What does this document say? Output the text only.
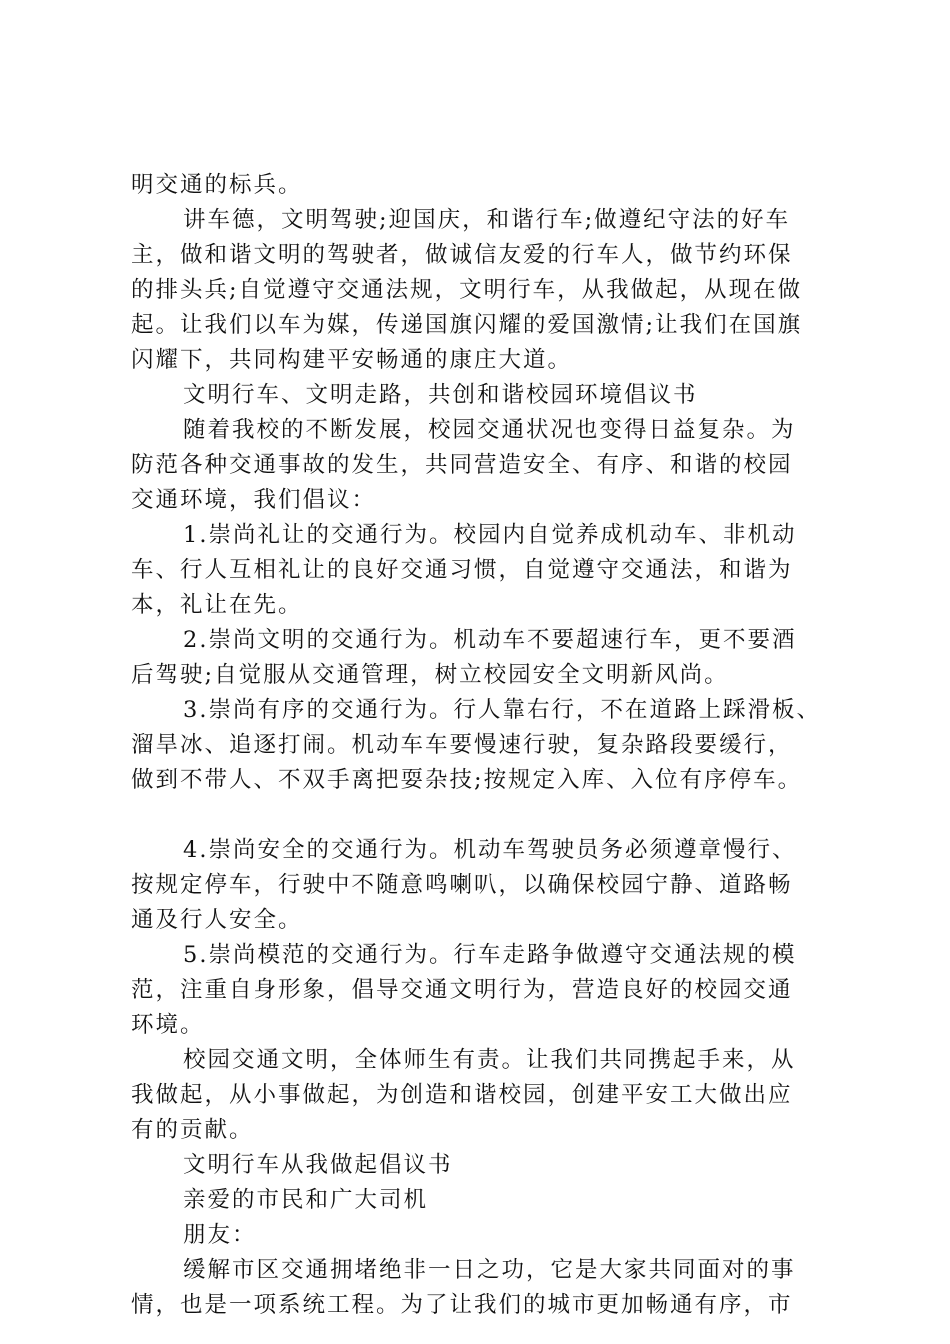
明交通的标兵。
讲车德，文明驾驶;迎国庆，和谐行车;做遵纪守法的好车
主，做和谐文明的驾驶者，做诚信友爱的行车人，做节约环保
的排头兵;自觉遵守交通法规，文明行车，从我做起，从现在做
起。让我们以车为媒，传递国旗闪耀的爱国激情;让我们在国旗
闪耀下，共同构建平安畅通的康庄大道。
文明行车、文明走路，共创和谐校园环境倡议书
随着我校的不断发展，校园交通状况也变得日益复杂。为
防范各种交通事故的发生，共同营造安全、有序、和谐的校园
交通环境，我们倡议：
1.崇尚礼让的交通行为。校园内自觉养成机动车、非机动
车、行人互相礼让的良好交通习惯，自觉遵守交通法，和谐为
本，礼让在先。
2.崇尚文明的交通行为。机动车不要超速行车，更不要酒
后驾驶;自觉服从交通管理，树立校园安全文明新风尚。
3.崇尚有序的交通行为。行人靠右行，不在道路上踩滑板、
溜旱冰、追逐打闹。机动车车要慢速行驶，复杂路段要缓行，
做到不带人、不双手离把耍杂技;按规定入库、入位有序停车。
4.崇尚安全的交通行为。机动车驾驶员务必须遵章慢行、
按规定停车，行驶中不随意鸣喇叭，以确保校园宁静、道路畅
通及行人安全。
5.崇尚模范的交通行为。行车走路争做遵守交通法规的模
范，注重自身形象，倡导交通文明行为，营造良好的校园交通
环境。
校园交通文明，全体师生有责。让我们共同携起手来，从
我做起，从小事做起，为创造和谐校园，创建平安工大做出应
有的贡献。
文明行车从我做起倡议书
亲爱的市民和广大司机
朋友：
缓解市区交通拥堵绝非一日之功，它是大家共同面对的事
情，也是一项系统工程。为了让我们的城市更加畅通有序，市
